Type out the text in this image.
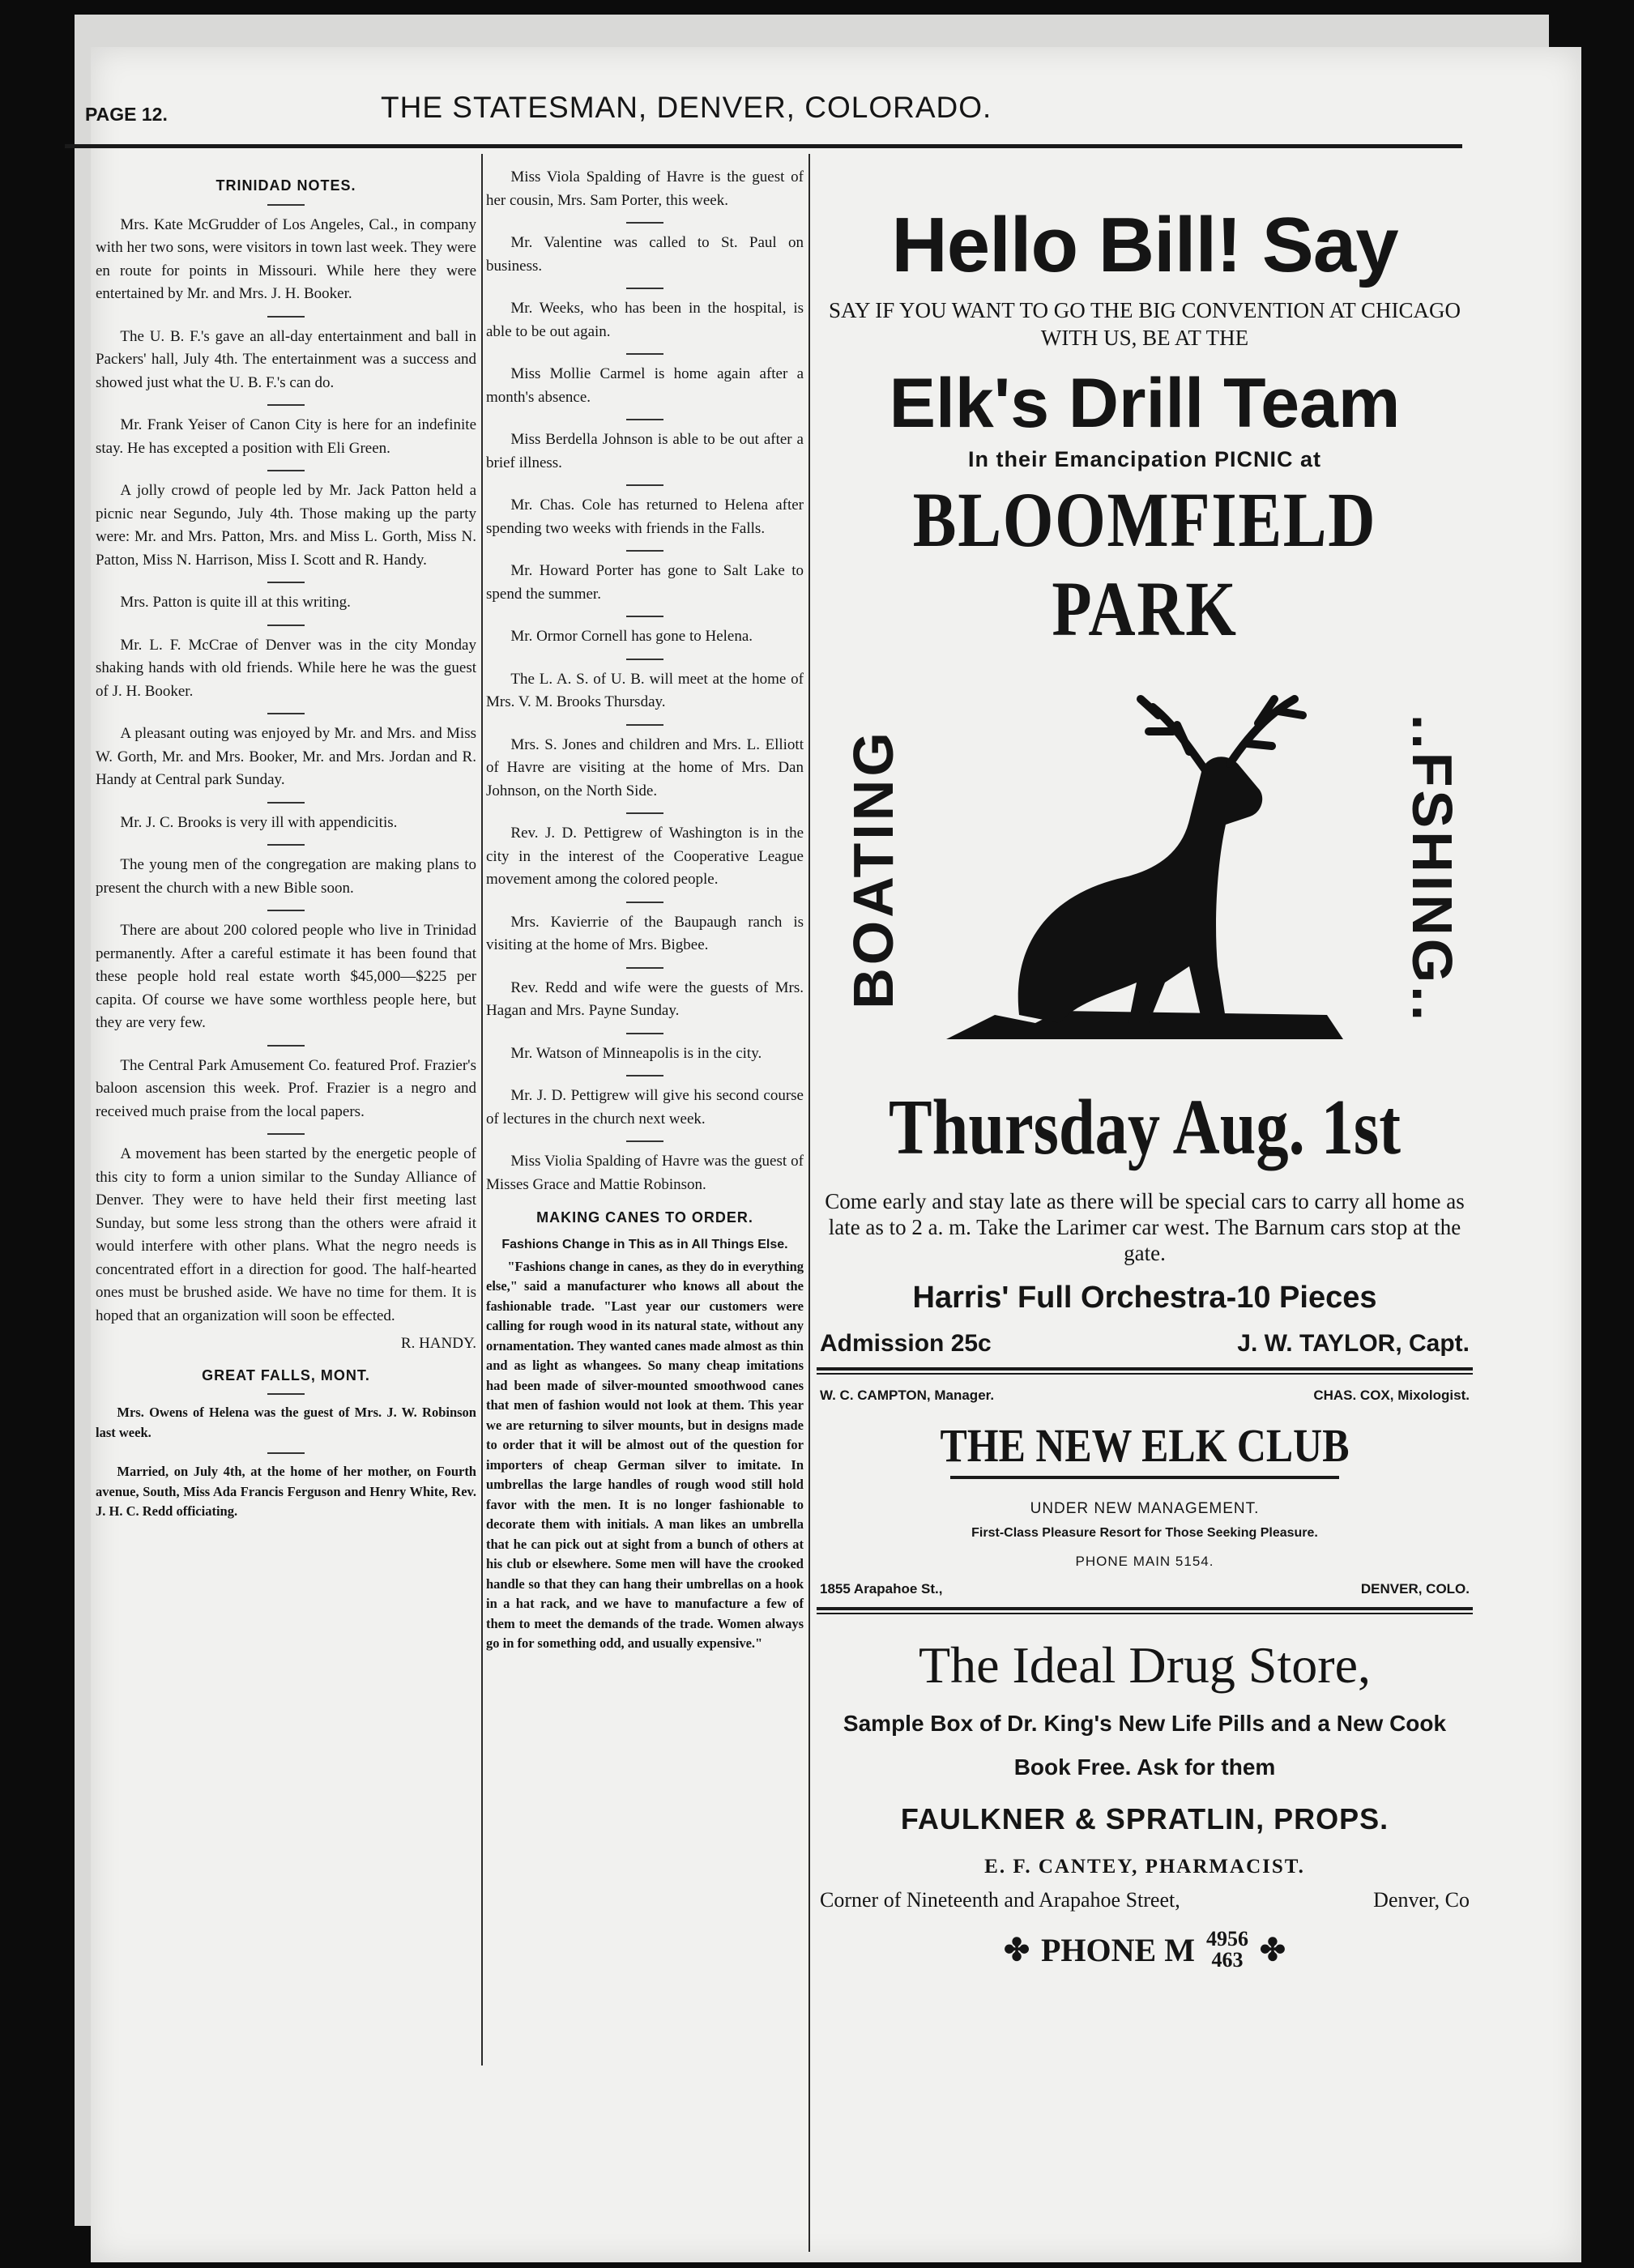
PAGE 12.	THE STATESMAN, DENVER, COLORADO.
TRINIDAD NOTES.

Mrs. Kate McGrudder of Los Angeles, Cal., in company with her two sons, were visitors in town last week. They were en route for points in Missouri. While here they were entertained by Mr. and Mrs. J. H. Booker.

The U. B. F.'s gave an all-day entertainment and ball in Packers' hall, July 4th. The entertainment was a success and showed just what the U. B. F.'s can do.

Mr. Frank Yeiser of Canon City is here for an indefinite stay. He has excepted a position with Eli Green.

A jolly crowd of people led by Mr. Jack Patton held a picnic near Segundo, July 4th. Those making up the party were: Mr. and Mrs. Patton, Mrs. and Miss L. Gorth, Miss N. Patton, Miss N. Harrison, Miss I. Scott and R. Handy.

Mrs. Patton is quite ill at this writing.

Mr. L. F. McCrae of Denver was in the city Monday shaking hands with old friends. While here he was the guest of J. H. Booker.

A pleasant outing was enjoyed by Mr. and Mrs. and Miss W. Gorth, Mr. and Mrs. Booker, Mr. and Mrs. Jordan and R. Handy at Central park Sunday.

Mr. J. C. Brooks is very ill with appendicitis.

The young men of the congregation are making plans to present the church with a new Bible soon.

There are about 200 colored people who live in Trinidad permanently. After a careful estimate it has been found that these people hold real estate worth $45,000—$225 per capita. Of course we have some worthless people here, but they are very few.

The Central Park Amusement Co. featured Prof. Frazier's baloon ascension this week. Prof. Frazier is a negro and received much praise from the local papers.

A movement has been started by the energetic people of this city to form a union similar to the Sunday Alliance of Denver. They were to have held their first meeting last Sunday, but some less strong than the others were afraid it would interfere with other plans. What the negro needs is concentrated effort in a direction for good. The half-hearted ones must be brushed aside. We have no time for them. It is hoped that an organization will soon be effected.

R. HANDY.
GREAT FALLS, MONT.

Mrs. Owens of Helena was the guest of Mrs. J. W. Robinson last week.

Married, on July 4th, at the home of her mother, on Fourth avenue, South, Miss Ada Francis Ferguson and Henry White, Rev. J. H. C. Redd officiating.

Miss Viola Spalding of Havre is the guest of her cousin, Mrs. Sam Porter, this week.

Mr. Valentine was called to St. Paul on business.

Mr. Weeks, who has been in the hospital, is able to be out again.

Miss Mollie Carmel is home again after a month's absence.

Miss Berdella Johnson is able to be out after a brief illness.

Mr. Chas. Cole has returned to Helena after spending two weeks with friends in the Falls.

Mr. Howard Porter has gone to Salt Lake to spend the summer.

Mr. Ormor Cornell has gone to Helena.

The L. A. S. of U. B. will meet at the home of Mrs. V. M. Brooks Thursday.

Mrs. S. Jones and children and Mrs. L. Elliott of Havre are visiting at the home of Mrs. Dan Johnson, on the North Side.

Rev. J. D. Pettigrew of Washington is in the city in the interest of the Cooperative League movement among the colored people.

Mrs. Kavierrie of the Baupaugh ranch is visiting at the home of Mrs. Bigbee.

Rev. Redd and wife were the guests of Mrs. Hagan and Mrs. Payne Sunday.

Mr. Watson of Minneapolis is in the city.

Mr. J. D. Pettigrew will give his second course of lectures in the church next week.

Miss Violia Spalding of Havre was the guest of Misses Grace and Mattie Robinson.

MAKING CANES TO ORDER.

Fashions Change in This as in All Things Else.

"Fashions change in canes, as they do in everything else," said a manufacturer who knows all about the fashionable trade. "Last year our customers were calling for rough wood in its natural state, without any ornamentation. They wanted canes made almost as thin and as light as whangees. So many cheap imitations had been made of silver-mounted smoothwood canes that men of fashion would not look at them. This year we are returning to silver mounts, but in designs made to order that it will be almost out of the question for importers of cheap German silver to imitate. In umbrellas the large handles of rough wood still hold favor with the men. It is no longer fashionable to decorate them with initials. A man likes an umbrella that he can pick out at sight from a bunch of others at his club or elsewhere. Some men will have the crooked handle so that they can hang their umbrellas on a hook in a hat rack, and we have to manufacture a few of them to meet the demands of the trade. Women always go in for something odd, and usually expensive."

Hello Bill! Say
SAY IF YOU WANT TO GO THE BIG CONVENTION AT CHICAGO WITH US, BE AT THE
Elk's Drill Team
In their Emancipation PICNIC at
BLOOMFIELD PARK
BOATING	..FSHING..
Thursday Aug. 1st
Come early and stay late as there will be special cars to carry all home as late as to 2 a. m. Take the Larimer car west. The Barnum cars stop at the gate.
Harris' Full Orchestra-10 Pieces
Admission 25c	J. W. TAYLOR, Capt.
W. C. CAMPTON, Manager.	CHAS. COX, Mixologist.
THE NEW ELK CLUB
UNDER NEW MANAGEMENT.
First-Class Pleasure Resort for Those Seeking Pleasure.
PHONE MAIN 5154.
1855 Arapahoe St.,	DENVER, COLO.
The Ideal Drug Store,
Sample Box of Dr. King's New Life Pills and a New Cook Book Free. Ask for them
FAULKNER & SPRATLIN, PROPS.
E. F. CANTEY, PHARMACIST.
Corner of Nineteenth and Arapahoe Street,	Denver, Co
✤ PHONE M 4956
463 ✤
